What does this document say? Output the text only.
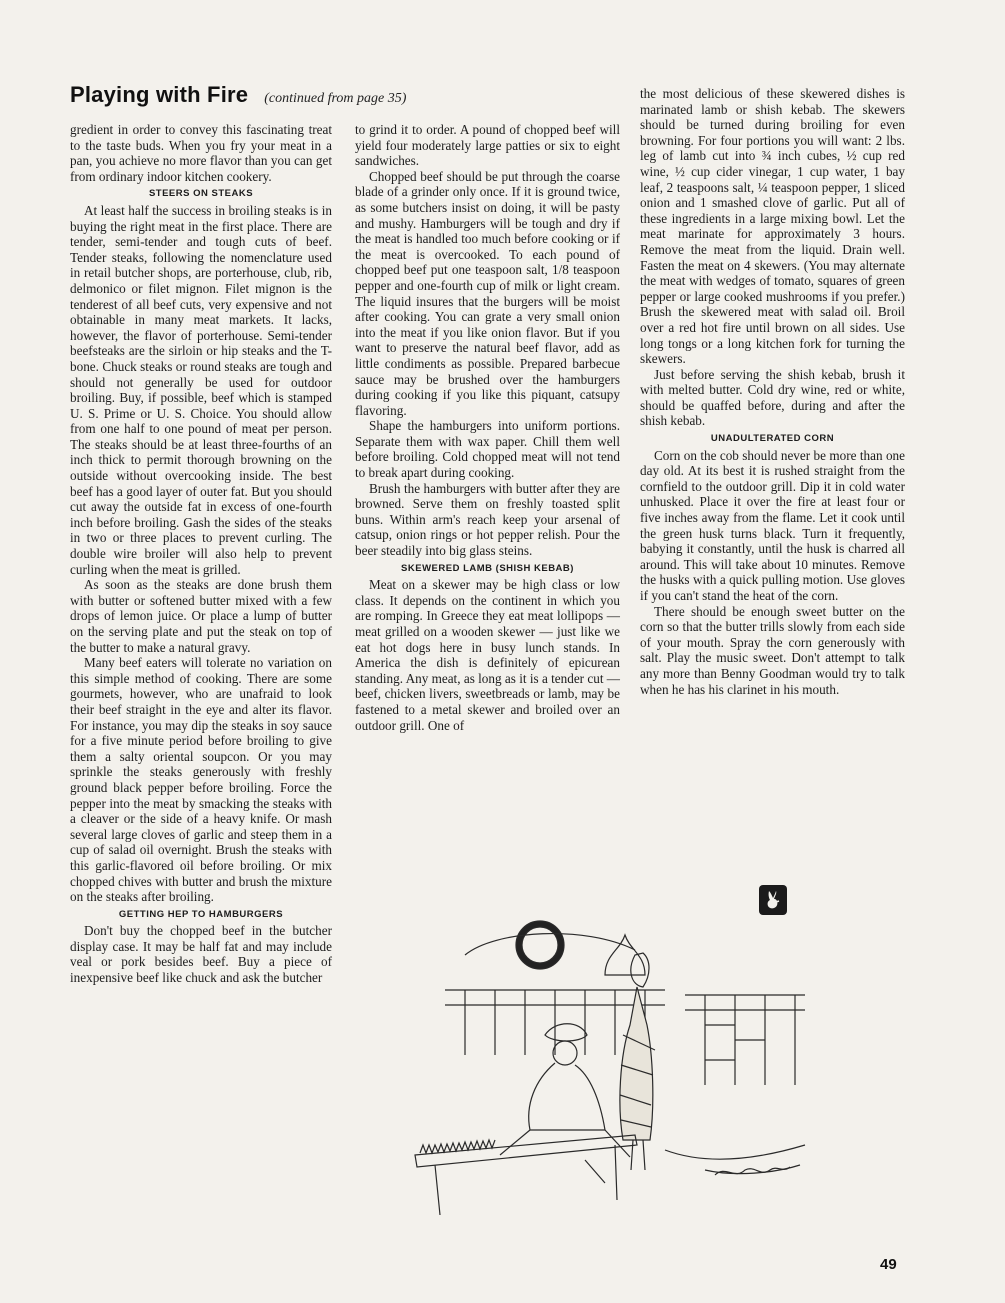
Playing with Fire (continued from page 35)

gredient in order to convey this fascinating treat to the taste buds. When you fry your meat in a pan, you achieve no more flavor than you can get from ordinary indoor kitchen cookery.

STEERS ON STEAKS

At least half the success in broiling steaks is in buying the right meat in the first place. There are tender, semi-tender and tough cuts of beef. Tender steaks, following the nomenclature used in retail butcher shops, are porterhouse, club, rib, delmonico or filet mignon. Filet mignon is the tenderest of all beef cuts, very expensive and not obtainable in many meat markets. It lacks, however, the flavor of porterhouse. Semi-tender beefsteaks are the sirloin or hip steaks and the T-bone. Chuck steaks or round steaks are tough and should not generally be used for outdoor broiling. Buy, if possible, beef which is stamped U. S. Prime or U. S. Choice. You should allow from one half to one pound of meat per person. The steaks should be at least three-fourths of an inch thick to permit thorough browning on the outside without overcooking inside. The best beef has a good layer of outer fat. But you should cut away the outside fat in excess of one-fourth inch before broiling. Gash the sides of the steaks in two or three places to prevent curling. The double wire broiler will also help to prevent curling when the meat is grilled.

As soon as the steaks are done brush them with butter or softened butter mixed with a few drops of lemon juice. Or place a lump of butter on the serving plate and put the steak on top of the butter to make a natural gravy.

Many beef eaters will tolerate no variation on this simple method of cooking. There are some gourmets, however, who are unafraid to look their beef straight in the eye and alter its flavor. For instance, you may dip the steaks in soy sauce for a five minute period before broiling to give them a salty oriental soupcon. Or you may sprinkle the steaks generously with freshly ground black pepper before broiling. Force the pepper into the meat by smacking the steaks with a cleaver or the side of a heavy knife. Or mash several large cloves of garlic and steep them in a cup of salad oil overnight. Brush the steaks with this garlic-flavored oil before broiling. Or mix chopped chives with butter and brush the mixture on the steaks after broiling.

GETTING HEP TO HAMBURGERS

Don't buy the chopped beef in the butcher display case. It may be half fat and may include veal or pork besides beef. Buy a piece of inexpensive beef like chuck and ask the butcher

to grind it to order. A pound of chopped beef will yield four moderately large patties or six to eight sandwiches.

Chopped beef should be put through the coarse blade of a grinder only once. If it is ground twice, as some butchers insist on doing, it will be pasty and mushy. Hamburgers will be tough and dry if the meat is handled too much before cooking or if the meat is overcooked. To each pound of chopped beef put one teaspoon salt, 1/8 teaspoon pepper and one-fourth cup of milk or light cream. The liquid insures that the burgers will be moist after cooking. You can grate a very small onion into the meat if you like onion flavor. But if you want to preserve the natural beef flavor, add as little condiments as possible. Prepared barbecue sauce may be brushed over the hamburgers during cooking if you like this piquant, catsupy flavoring.

Shape the hamburgers into uniform portions. Separate them with wax paper. Chill them well before broiling. Cold chopped meat will not tend to break apart during cooking.

Brush the hamburgers with butter after they are browned. Serve them on freshly toasted split buns. Within arm's reach keep your arsenal of catsup, onion rings or hot pepper relish. Pour the beer steadily into big glass steins.

SKEWERED LAMB (SHISH KEBAB)

Meat on a skewer may be high class or low class. It depends on the continent in which you are romping. In Greece they eat meat lollipops — meat grilled on a wooden skewer — just like we eat hot dogs here in busy lunch stands. In America the dish is definitely of epicurean standing. Any meat, as long as it is a tender cut — beef, chicken livers, sweetbreads or lamb, may be fastened to a metal skewer and broiled over an outdoor grill. One of

the most delicious of these skewered dishes is marinated lamb or shish kebab. The skewers should be turned during broiling for even browning. For four portions you will want: 2 lbs. leg of lamb cut into ¾ inch cubes, ½ cup red wine, ½ cup cider vinegar, 1 cup water, 1 bay leaf, 2 teaspoons salt, ¼ teaspoon pepper, 1 sliced onion and 1 smashed clove of garlic. Put all of these ingredients in a large mixing bowl. Let the meat marinate for approximately 3 hours. Remove the meat from the liquid. Drain well. Fasten the meat on 4 skewers. (You may alternate the meat with wedges of tomato, squares of green pepper or large cooked mushrooms if you prefer.) Brush the skewered meat with salad oil. Broil over a red hot fire until brown on all sides. Use long tongs or a long kitchen fork for turning the skewers.

Just before serving the shish kebab, brush it with melted butter. Cold dry wine, red or white, should be quaffed before, during and after the shish kebab.

UNADULTERATED CORN

Corn on the cob should never be more than one day old. At its best it is rushed straight from the cornfield to the outdoor grill. Dip it in cold water unhusked. Place it over the fire at least four or five inches away from the flame. Let it cook until the green husk turns black. Turn it frequently, babying it constantly, until the husk is charred all around. This will take about 10 minutes. Remove the husks with a quick pulling motion. Use gloves if you can't stand the heat of the corn.

There should be enough sweet butter on the corn so that the butter trills slowly from each side of your mouth. Spray the corn generously with salt. Play the music sweet. Don't attempt to talk any more than Benny Goodman would try to talk when he has his clarinet in his mouth.

49
